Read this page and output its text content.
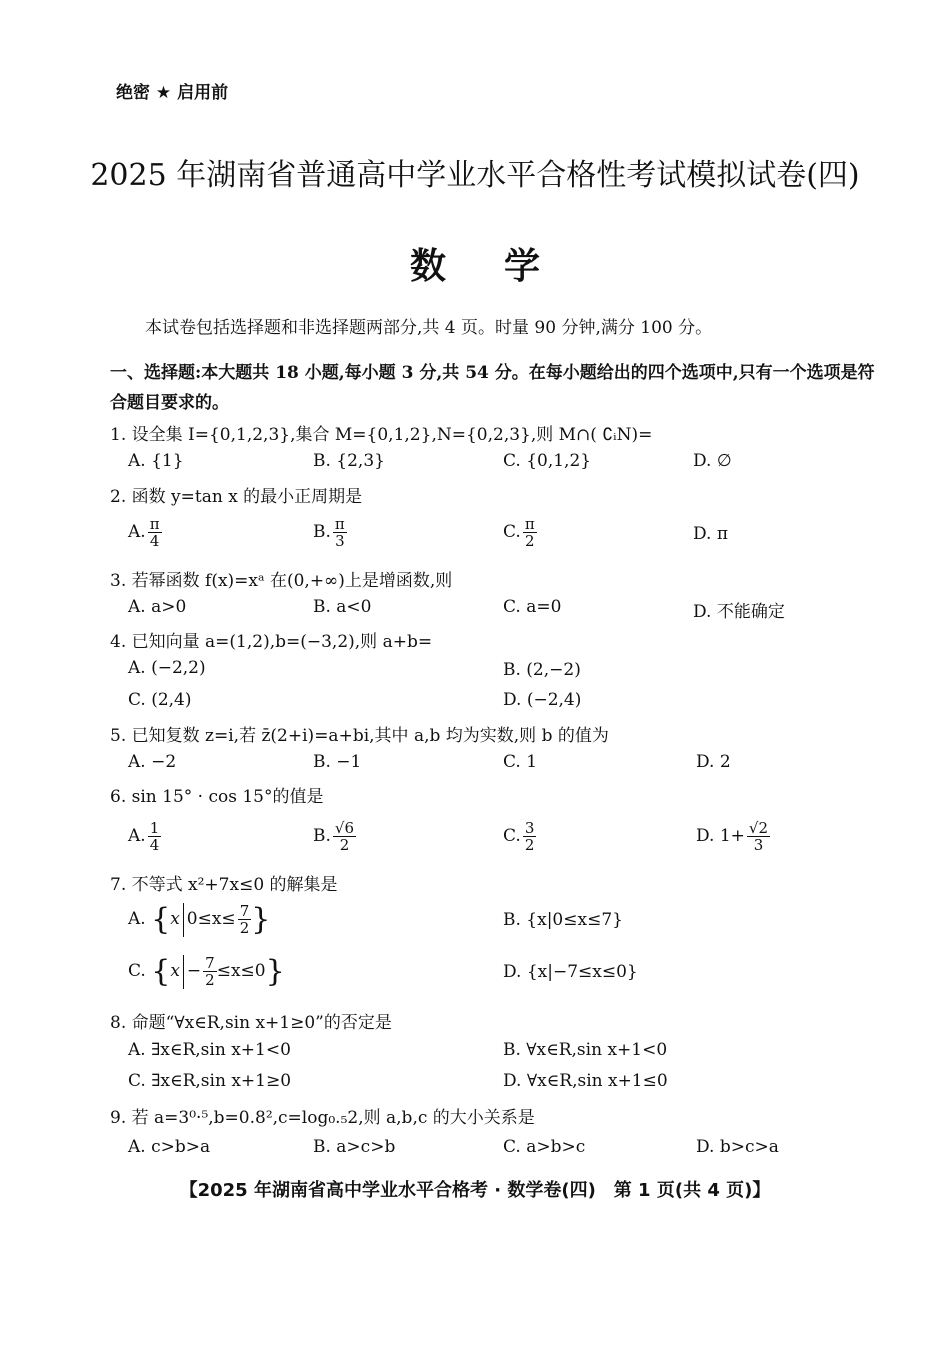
绝密 ★ 启用前
2025 年湖南省普通高中学业水平合格性考试模拟试卷(四)
数学
本试卷包括选择题和非选择题两部分,共 4 页。时量 90 分钟,满分 100 分。
一、选择题:本大题共 18 小题,每小题 3 分,共 54 分。在每小题给出的四个选项中,只有一个选项是符合题目要求的。
1. 设全集 I={0,1,2,3},集合 M={0,1,2},N={0,2,3},则 M∩( ∁ᵢN)=
A. {1}	B. {2,3}	C. {0,1,2}	D. ∅
2. 函数 y=tan x 的最小正周期是
A. $\frac{\pi}{4}$	B. $\frac{\pi}{3}$	C. $\frac{\pi}{2}$	D. π
3. 若幂函数 f(x)=xᵃ 在(0,+∞)上是增函数,则
A. a>0	B. a<0	C. a=0	D. 不能确定
4. 已知向量 a=(1,2),b=(−3,2),则 a+b=
A. (−2,2)	B. (2,−2)
C. (2,4)	D. (−2,4)
5. 已知复数 z=i,若 z̄(2+i)=a+bi,其中 a,b 均为实数,则 b 的值为
A. −2	B. −1	C. 1	D. 2
6. sin 15° · cos 15°的值是
A. $\frac{1}{4}$	B. $\frac{√6}{2}$	C. $\frac{3}{2}$	D. $1+ \frac{√2}{3}$
7. 不等式 x²+7x≤0 的解集是
A. {x $0\le x\le \frac{7}{2}$ }	B. {x|0≤x≤7}
C. $\{x - \frac{7}{2} \le x\le 0\}$	D. {x|−7≤x≤0}
8. 命题“∀x∈R,sin x+1≥0”的否定是
A. ∃x∈R,sin x+1<0	B. ∀x∈R,sin x+1<0
C. ∃x∈R,sin x+1≥0	D. ∀x∈R,sin x+1≤0
9. 若 a=3⁰·⁵,b=0.8²,c=log₀.₅2,则 a,b,c 的大小关系是
A. c>b>a	B. a>c>b	C. a>b>c	D. b>c>a
【2025 年湖南省高中学业水平合格考 · 数学卷(四)　第 1 页(共 4 页)】
